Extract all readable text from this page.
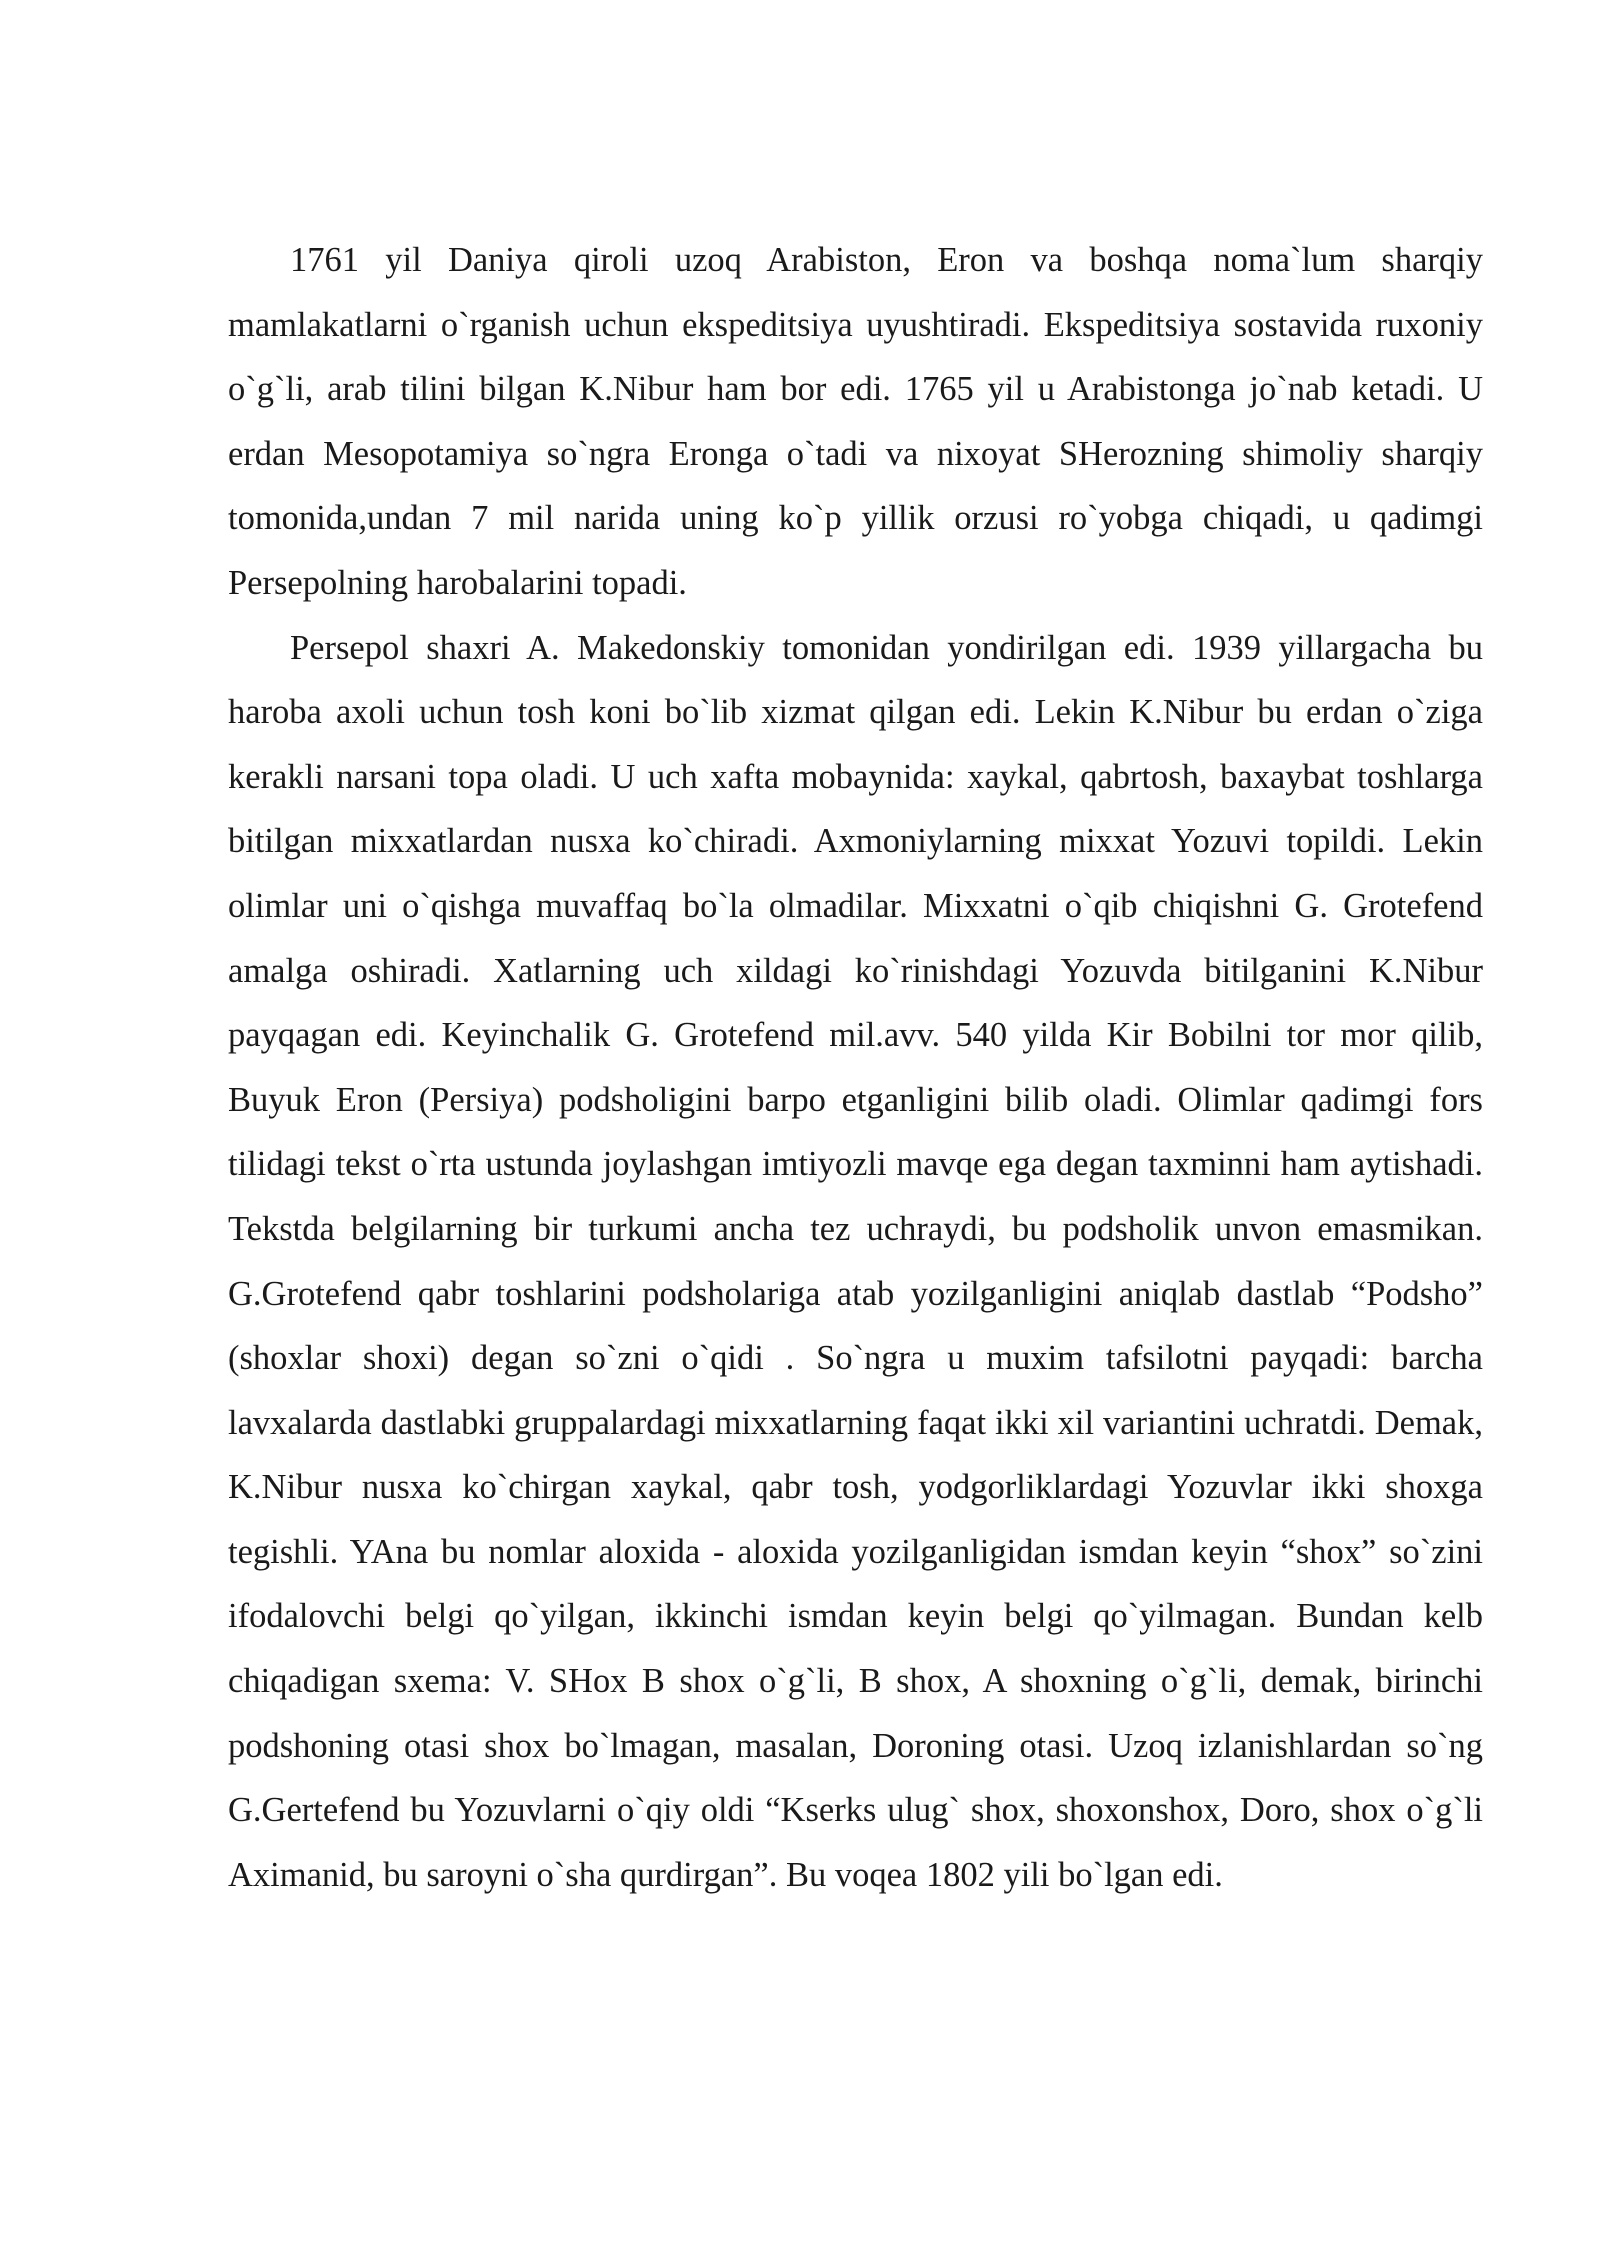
1761 yil Daniya qiroli uzoq Arabiston, Eron va boshqa noma`lum sharqiy mamlakatlarni o`rganish uchun ekspeditsiya uyushtiradi. Ekspeditsiya sostavida ruxoniy o`g`li, arab tilini bilgan K.Nibur ham bor edi. 1765 yil u Arabistonga jo`nab ketadi. U erdan Mesopotamiya so`ngra Eronga o`tadi va nixoyat SHerozning shimoliy sharqiy tomonida,undan 7 mil narida uning ko`p yillik orzusi ro`yobga chiqadi, u qadimgi Persepolning harobalarini topadi.

Persepol shaxri A. Makedonskiy tomonidan yondirilgan edi. 1939 yillargacha bu haroba axoli uchun tosh koni bo`lib xizmat qilgan edi. Lekin K.Nibur bu erdan o`ziga kerakli narsani topa oladi. U uch xafta mobaynida: xaykal, qabrtosh, baxaybat toshlarga bitilgan mixxatlardan nusxa ko`chiradi. Axmoniylarning mixxat Yozuvi topildi. Lekin olimlar uni o`qishga muvaffaq bo`la olmadilar. Mixxatni o`qib chiqishni G. Grotefend amalga oshiradi. Xatlarning uch xildagi ko`rinishdagi Yozuvda bitilganini K.Nibur payqagan edi. Keyinchalik G. Grotefend mil.avv. 540 yilda Kir Bobilni tor mor qilib, Buyuk Eron (Persiya) podsholigini barpo etganligini bilib oladi. Olimlar qadimgi fors tilidagi tekst o`rta ustunda joylashgan imtiyozli mavqe ega degan taxminni ham aytishadi. Tekstda belgilarning bir turkumi ancha tez uchraydi, bu podsholik unvon emasmikan. G.Grotefend qabr toshlarini podsholariga atab yozilganligini aniqlab dastlab “Podsho” (shoxlar shoxi) degan so`zni o`qidi . So`ngra u muxim tafsilotni payqadi: barcha lavxalarda dastlabki gruppalardagi mixxatlarning faqat ikki xil variantini uchratdi. Demak, K.Nibur nusxa ko`chirgan xaykal, qabr tosh, yodgorliklardagi Yozuvlar ikki shoxga tegishli. YAna bu nomlar aloxida - aloxida yozilganligidan ismdan keyin “shox” so`zini ifodalovchi belgi qo`yilgan, ikkinchi ismdan keyin belgi qo`yilmagan. Bundan kelb chiqadigan sxema: V. SHox B shox o`g`li, B shox, A shoxning o`g`li, demak, birinchi podshoning otasi shox bo`lmagan, masalan, Doroning otasi. Uzoq izlanishlardan so`ng G.Gertefend bu Yozuvlarni o`qiy oldi “Kserks ulug` shox, shoxonshox, Doro, shox o`g`li Aximanid, bu saroyni o`sha qurdirgan”. Bu voqea 1802 yili bo`lgan edi.
